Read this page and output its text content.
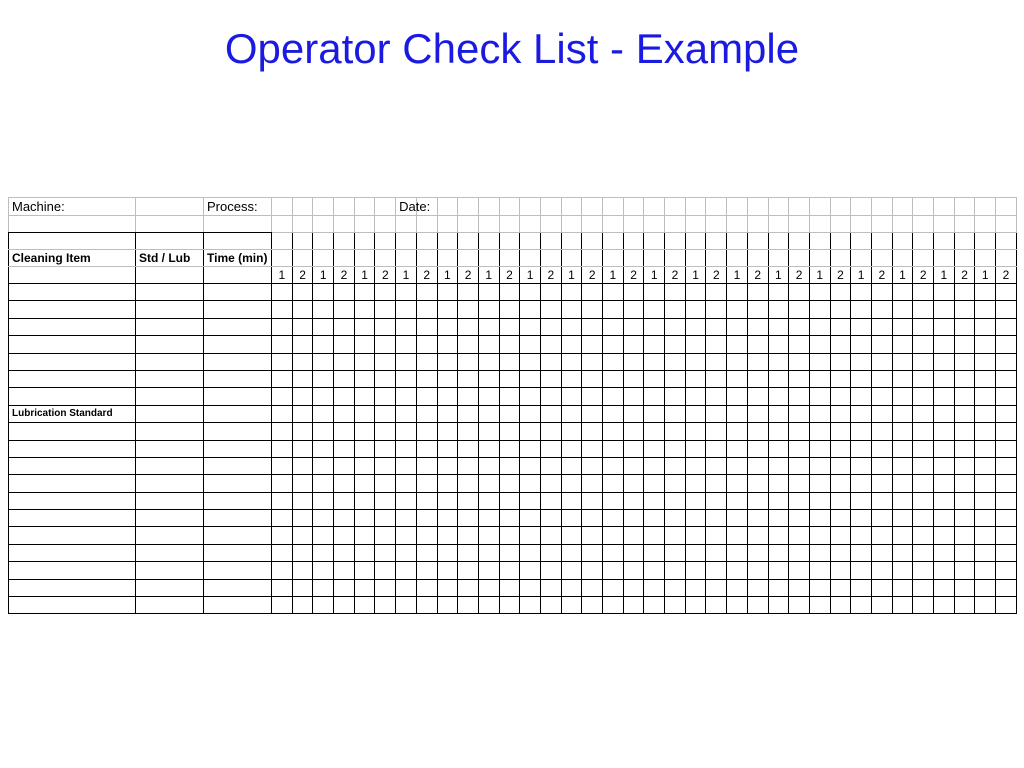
Operator Check List - Example
Machine:		Process:							Date:																													

Cleaning Item	Std / Lub	Time (min)																																				
			1	2	1	2	1	2	1	2	1	2	1	2	1	2	1	2	1	2	1	2	1	2	1	2	1	2	1	2	1	2	1	2	1	2	1	2

Lubrication Standard																																						
